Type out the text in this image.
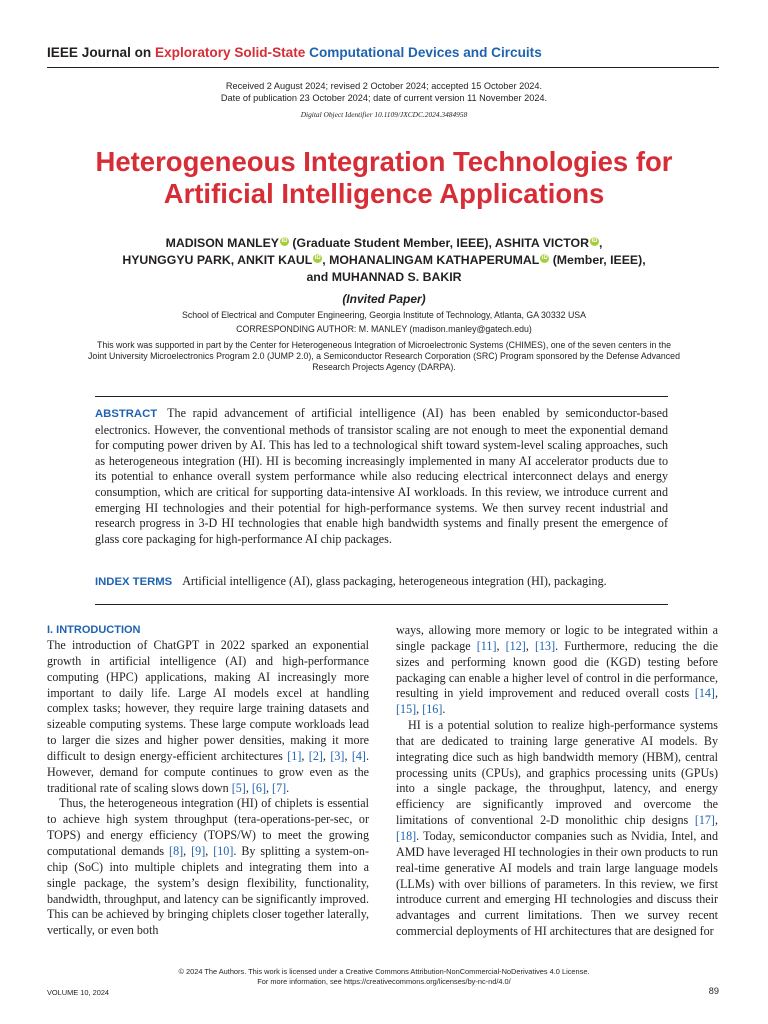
IEEE Journal on Exploratory Solid-State Computational Devices and Circuits
Received 2 August 2024; revised 2 October 2024; accepted 15 October 2024.
Date of publication 23 October 2024; date of current version 11 November 2024.
Digital Object Identifier 10.1109/JXCDC.2024.3484958
Heterogeneous Integration Technologies for
Artificial Intelligence Applications
MADISON MANLEY iD (Graduate Student Member, IEEE), ASHITA VICTOR iD ,
HYUNGGYU PARK, ANKIT KAUL iD , MOHANALINGAM KATHAPERUMAL iD (Member, IEEE),
and MUHANNAD S. BAKIR
(Invited Paper)
School of Electrical and Computer Engineering, Georgia Institute of Technology, Atlanta, GA 30332 USA
CORRESPONDING AUTHOR: M. MANLEY (madison.manley@gatech.edu)
This work was supported in part by the Center for Heterogeneous Integration of Microelectronic Systems (CHIMES), one of the seven centers in the Joint University Microelectronics Program 2.0 (JUMP 2.0), a Semiconductor Research Corporation (SRC) Program sponsored by the Defense Advanced Research Projects Agency (DARPA).
ABSTRACT The rapid advancement of artificial intelligence (AI) has been enabled by semiconductor-based electronics. However, the conventional methods of transistor scaling are not enough to meet the exponential demand for computing power driven by AI. This has led to a technological shift toward system-level scaling approaches, such as heterogeneous integration (HI). HI is becoming increasingly implemented in many AI accelerator products due to its potential to enhance overall system performance while also reducing electrical interconnect delays and energy consumption, which are critical for supporting data-intensive AI workloads. In this review, we introduce current and emerging HI technologies and their potential for high-performance systems. We then survey recent industrial and research progress in 3-D HI technologies that enable high bandwidth systems and finally present the emergence of glass core packaging for high-performance AI chip packages.
INDEX TERMS Artificial intelligence (AI), glass packaging, heterogeneous integration (HI), packaging.
I. INTRODUCTION

The introduction of ChatGPT in 2022 sparked an exponential growth in artificial intelligence (AI) and high-performance computing (HPC) applications, making AI increasingly more important to daily life. Large AI models excel at handling complex tasks; however, they require large training datasets and sizeable computing systems. These large compute workloads lead to larger die sizes and higher power densities, making it more difficult to design energy-efficient architectures [1], [2], [3], [4]. However, demand for compute continues to grow even as the traditional rate of scaling slows down [5], [6], [7].

Thus, the heterogeneous integration (HI) of chiplets is essential to achieve high system throughput (tera-operations-per-sec, or TOPS) and energy efficiency (TOPS/W) to meet the growing computational demands [8], [9], [10]. By splitting a system-on-chip (SoC) into multiple chiplets and integrating them into a single package, the system’s design flexibility, functionality, bandwidth, throughput, and latency can be significantly improved. This can be achieved by bringing chiplets closer together laterally, vertically, or even both

ways, allowing more memory or logic to be integrated within a single package [11], [12], [13]. Furthermore, reducing the die sizes and performing known good die (KGD) testing before packaging can enable a higher level of control in die performance, resulting in yield improvement and reduced overall costs [14], [15], [16].

HI is a potential solution to realize high-performance systems that are dedicated to training large generative AI models. By integrating dice such as high bandwidth memory (HBM), central processing units (CPUs), and graphics processing units (GPUs) into a single package, the throughput, latency, and energy efficiency are significantly improved and overcome the limitations of conventional 2-D monolithic chip designs [17], [18]. Today, semiconductor companies such as Nvidia, Intel, and AMD have leveraged HI technologies in their own products to run real-time generative AI models and train large language models (LLMs) with over billions of parameters. In this review, we first introduce current and emerging HI technologies and discuss their advantages and current limitations. Then we survey recent commercial deployments of HI architectures that are designed for

© 2024 The Authors. This work is licensed under a Creative Commons Attribution-NonCommercial-NoDerivatives 4.0 License.
For more information, see https://creativecommons.org/licenses/by-nc-nd/4.0/
VOLUME 10, 2024	89
